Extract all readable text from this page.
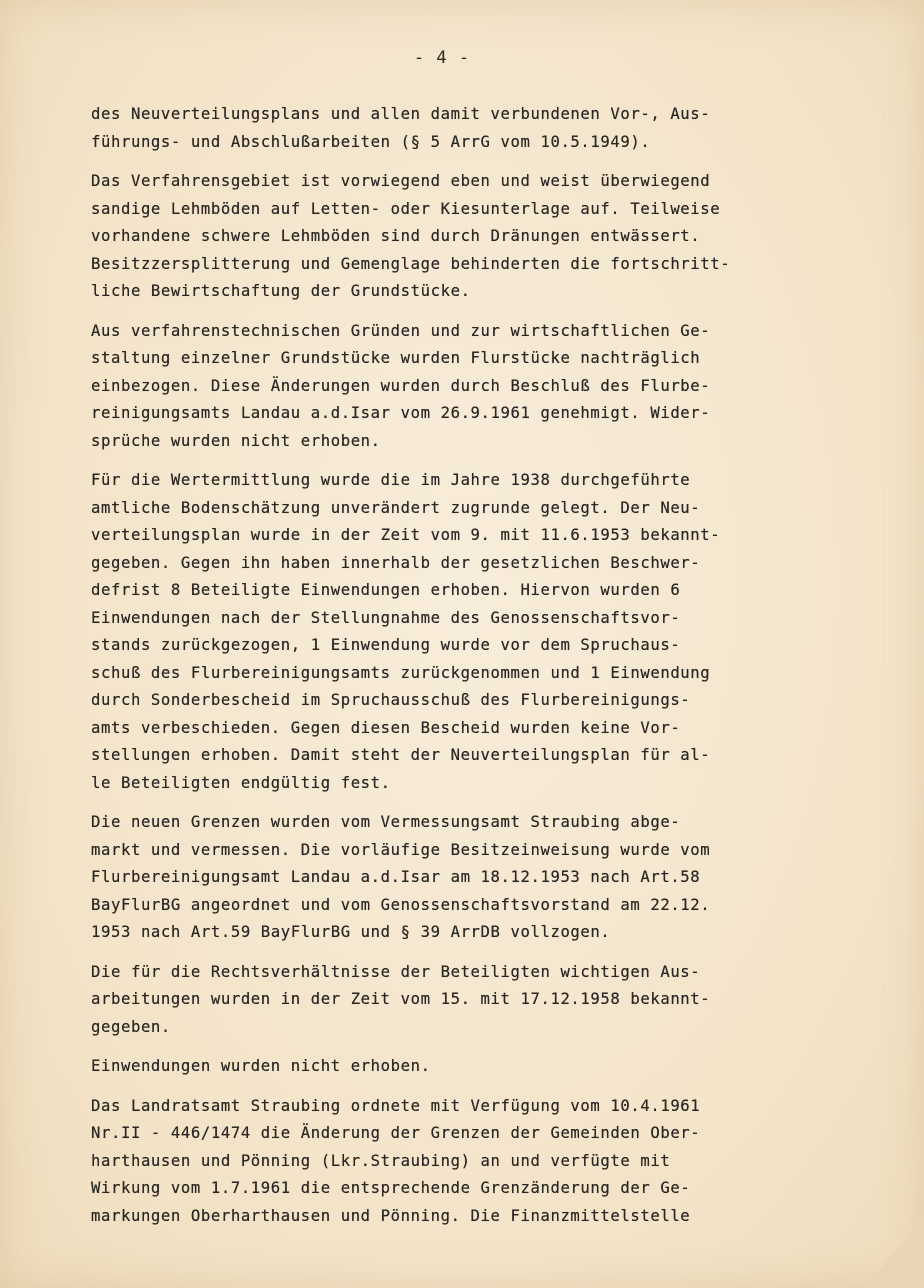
- 4 -
des Neuverteilungsplans und allen damit verbundenen Vor-, Aus-
führungs- und Abschlußarbeiten (§ 5 ArrG vom 10.5.1949).
Das Verfahrensgebiet ist vorwiegend eben und weist überwiegend
sandige Lehmböden auf Letten- oder Kiesunterlage auf. Teilweise
vorhandene schwere Lehmböden sind durch Dränungen entwässert.
Besitzzersplitterung und Gemenglage behinderten die fortschritt-
liche Bewirtschaftung der Grundstücke.
Aus verfahrenstechnischen Gründen und zur wirtschaftlichen Ge-
staltung einzelner Grundstücke wurden Flurstücke nachträglich
einbezogen. Diese Änderungen wurden durch Beschluß des Flurbe-
reinigungsamts Landau a.d.Isar vom 26.9.1961 genehmigt. Wider-
sprüche wurden nicht erhoben.
Für die Wertermittlung wurde die im Jahre 1938 durchgeführte
amtliche Bodenschätzung unverändert zugrunde gelegt. Der Neu-
verteilungsplan wurde in der Zeit vom 9. mit 11.6.1953 bekannt-
gegeben. Gegen ihn haben innerhalb der gesetzlichen Beschwer-
defrist 8 Beteiligte Einwendungen erhoben. Hiervon wurden 6
Einwendungen nach der Stellungnahme des Genossenschaftsvor-
stands zurückgezogen, 1 Einwendung wurde vor dem Spruchaus-
schuß des Flurbereinigungsamts zurückgenommen und 1 Einwendung
durch Sonderbescheid im Spruchausschuß des Flurbereinigungs-
amts verbeschieden. Gegen diesen Bescheid wurden keine Vor-
stellungen erhoben. Damit steht der Neuverteilungsplan für al-
le Beteiligten endgültig fest.
Die neuen Grenzen wurden vom Vermessungsamt Straubing abge-
markt und vermessen. Die vorläufige Besitzeinweisung wurde vom
Flurbereinigungsamt Landau a.d.Isar am 18.12.1953 nach Art.58
BayFlurBG angeordnet und vom Genossenschaftsvorstand am 22.12.
1953 nach Art.59 BayFlurBG und § 39 ArrDB vollzogen.
Die für die Rechtsverhältnisse der Beteiligten wichtigen Aus-
arbeitungen wurden in der Zeit vom 15. mit 17.12.1958 bekannt-
gegeben.
Einwendungen wurden nicht erhoben.
Das Landratsamt Straubing ordnete mit Verfügung vom 10.4.1961
Nr.II - 446/1474 die Änderung der Grenzen der Gemeinden Ober-
harthausen und Pönning (Lkr.Straubing) an und verfügte mit
Wirkung vom 1.7.1961 die entsprechende Grenzänderung der Ge-
markungen Oberharthausen und Pönning. Die Finanzmittelstelle
